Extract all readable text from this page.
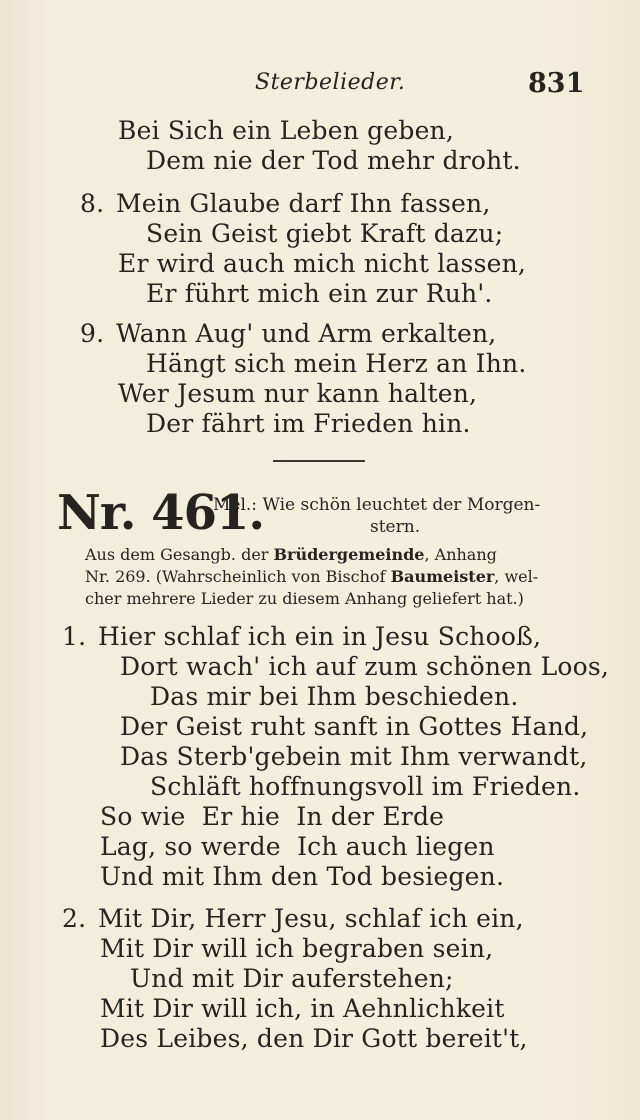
Sterbelieder.	831
Bei Sich ein Leben geben,
Dem nie der Tod mehr droht.
8. Mein Glaube darf Ihn fassen,
Sein Geist giebt Kraft dazu;
Er wird auch mich nicht lassen,
Er führt mich ein zur Ruh'.
9. Wann Aug' und Arm erkalten,
Hängt sich mein Herz an Ihn.
Wer Jesum nur kann halten,
Der fährt im Frieden hin.
Nr. 461.
Mel.: Wie schön leuchtet der Morgen-
stern.
Aus dem Gesangb. der Brüdergemeinde, Anhang
Nr. 269. (Wahrscheinlich von Bischof Baumeister, wel-
cher mehrere Lieder zu diesem Anhang geliefert hat.)
1. Hier schlaf ich ein in Jesu Schooß,
Dort wach' ich auf zum schönen Loos,
Das mir bei Ihm beschieden.
Der Geist ruht sanft in Gottes Hand,
Das Sterb'gebein mit Ihm verwandt,
Schläft hoffnungsvoll im Frieden.
So wie  Er hie  In der Erde
Lag, so werde  Ich auch liegen
Und mit Ihm den Tod besiegen.
2. Mit Dir, Herr Jesu, schlaf ich ein,
Mit Dir will ich begraben sein,
Und mit Dir auferstehen;
Mit Dir will ich, in Aehnlichkeit
Des Leibes, den Dir Gott bereit't,
